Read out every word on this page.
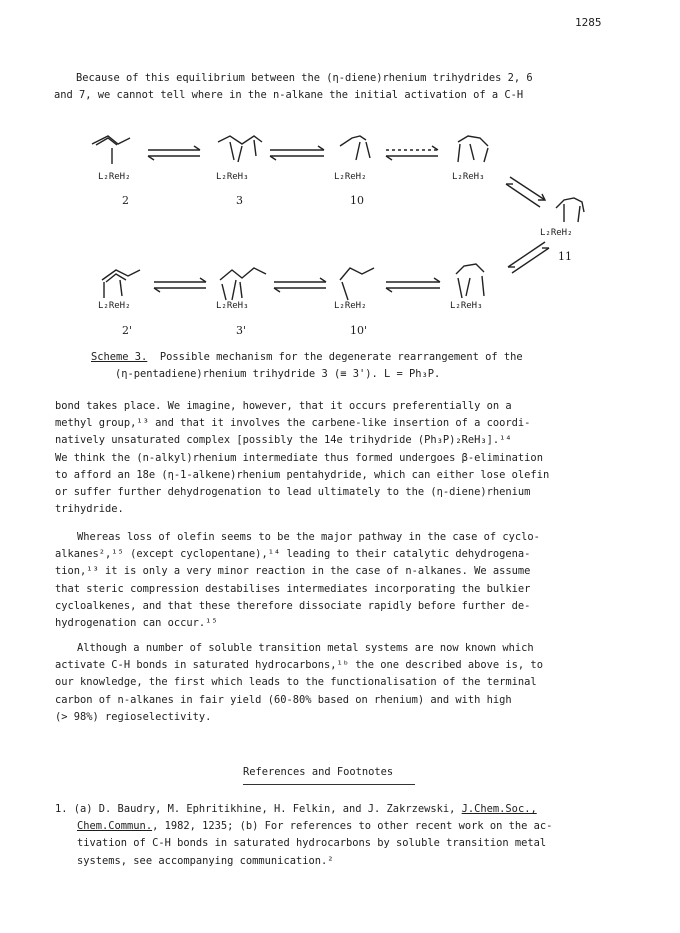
1285
Because of this equilibrium between the (η-diene)rhenium trihydrides 2, 6
and 7, we cannot tell where in the n-alkane the initial activation of a C-H
L₂ReH₂	L₂ReH₃	L₂ReH₂	L₂ReH₃
L₂ReH₂
L₂ReH₂	L₂ReH₃	L₂ReH₂	L₂ReH₃
2	3	10
11
2'	3'	10'
Scheme 3. Possible mechanism for the degenerate rearrangement of the
(η-pentadiene)rhenium trihydride 3 (≡ 3'). L = Ph₃P.
bond takes place. We imagine, however, that it occurs preferentially on a
methyl group,¹³ and that it involves the carbene-like insertion of a coordi-
natively unsaturated complex [possibly the 14e trihydride (Ph₃P)₂ReH₃].¹⁴
We think the (n-alkyl)rhenium intermediate thus formed undergoes β-elimination
to afford an 18e (η-1-alkene)rhenium pentahydride, which can either lose olefin
or suffer further dehydrogenation to lead ultimately to the (η-diene)rhenium
trihydride.
Whereas loss of olefin seems to be the major pathway in the case of cyclo-
alkanes²,¹⁵ (except cyclopentane),¹⁴ leading to their catalytic dehydrogena-
tion,¹³ it is only a very minor reaction in the case of n-alkanes. We assume
that steric compression destabilises intermediates incorporating the bulkier
cycloalkenes, and that these therefore dissociate rapidly before further de-
hydrogenation can occur.¹⁵
Although a number of soluble transition metal systems are now known which
activate C-H bonds in saturated hydrocarbons,¹ᵇ the one described above is, to
our knowledge, the first which leads to the functionalisation of the terminal
carbon of n-alkanes in fair yield (60-80% based on rhenium) and with high
(> 98%) regioselectivity.
References and Footnotes
1. (a) D. Baudry, M. Ephritikhine, H. Felkin, and J. Zakrzewski, J.Chem.Soc.,
Chem.Commun., 1982, 1235; (b) For references to other recent work on the ac-
tivation of C-H bonds in saturated hydrocarbons by soluble transition metal
systems, see accompanying communication.²
